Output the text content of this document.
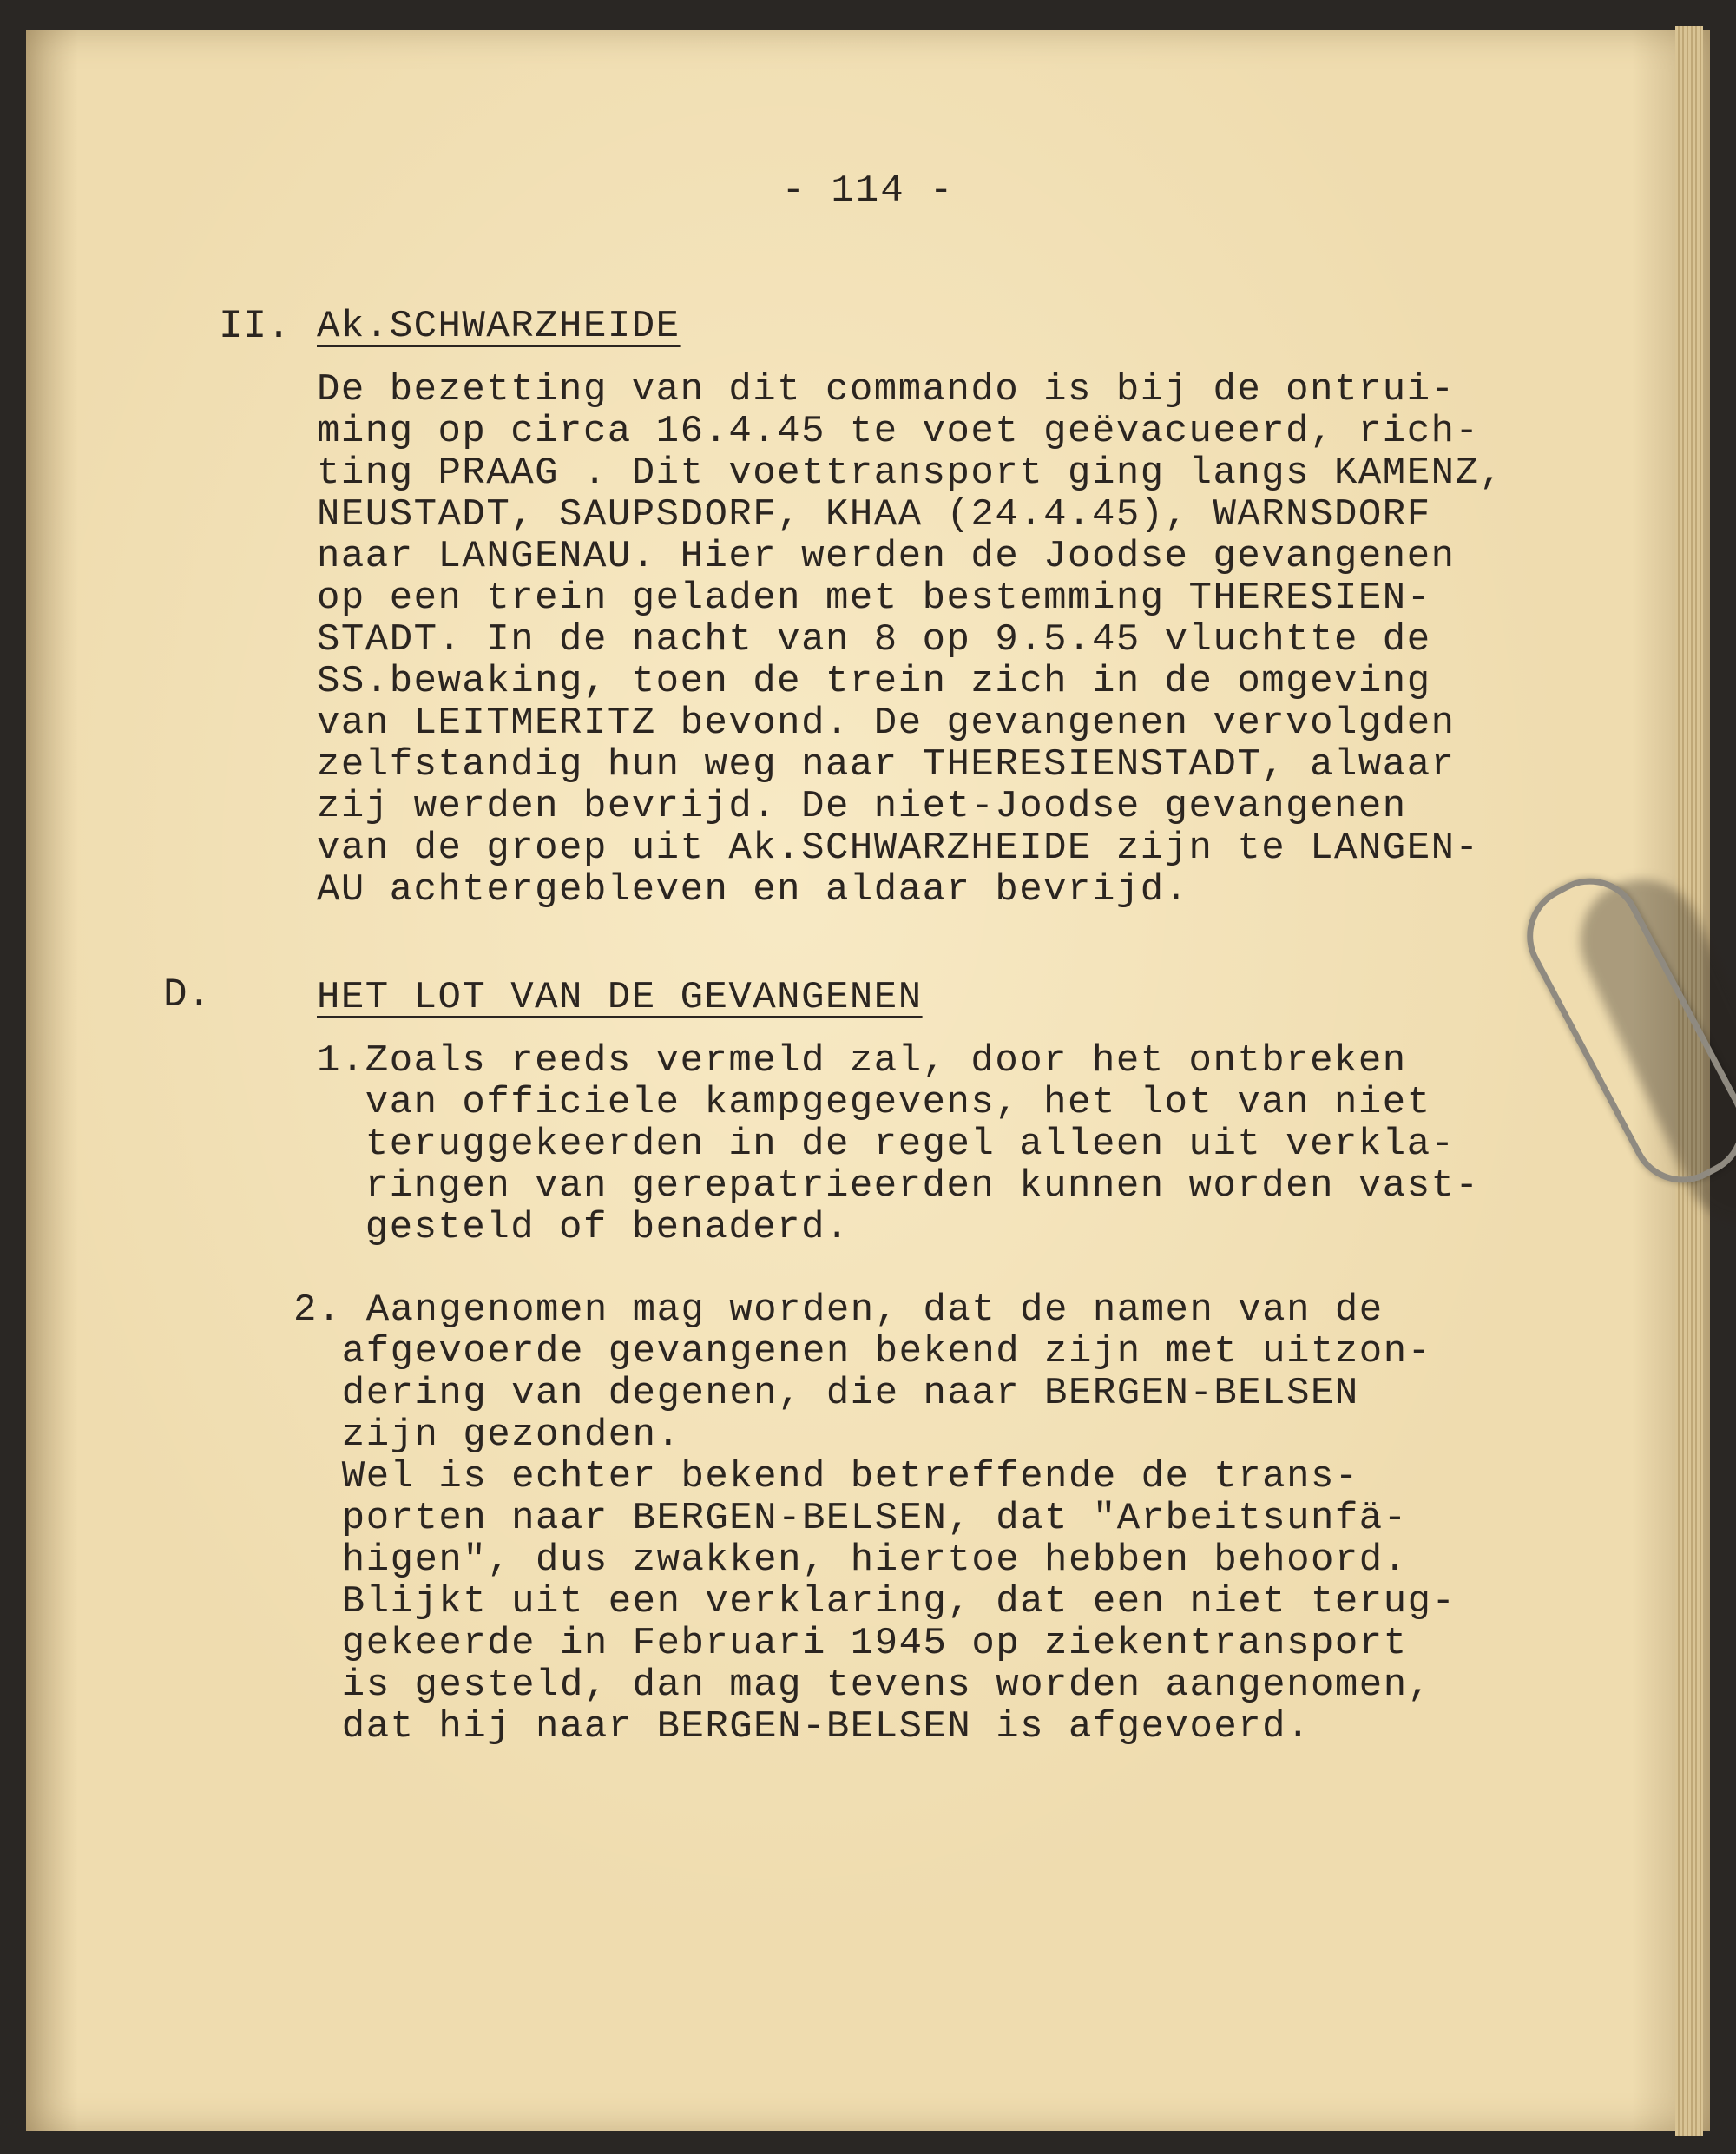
- 114 -
II. Ak.SCHWARZHEIDE
De bezetting van dit commando is bij de ontrui-
ming op circa 16.4.45 te voet geëvacueerd, rich-
ting PRAAG . Dit voettransport ging langs KAMENZ,
NEUSTADT, SAUPSDORF, KHAA (24.4.45), WARNSDORF
naar LANGENAU. Hier werden de Joodse gevangenen
op een trein geladen met bestemming THERESIEN-
STADT. In de nacht van 8 op 9.5.45 vluchtte de
SS.bewaking, toen de trein zich in de omgeving
van LEITMERITZ bevond. De gevangenen vervolgden
zelfstandig hun weg naar THERESIENSTADT, alwaar
zij werden bevrijd. De niet-Joodse gevangenen
van de groep uit Ak.SCHWARZHEIDE zijn te LANGEN-
AU achtergebleven en aldaar bevrijd.
D.	HET LOT VAN DE GEVANGENEN
1.Zoals reeds vermeld zal, door het ontbreken
van officiele kampgegevens, het lot van niet
teruggekeerden in de regel alleen uit verkla-
ringen van gerepatrieerden kunnen worden vast-
gesteld of benaderd.
2. Aangenomen mag worden, dat de namen van de
afgevoerde gevangenen bekend zijn met uitzon-
dering van degenen, die naar BERGEN-BELSEN
zijn gezonden.
Wel is echter bekend betreffende de trans-
porten naar BERGEN-BELSEN, dat "Arbeitsunfä-
higen", dus zwakken, hiertoe hebben behoord.
Blijkt uit een verklaring, dat een niet terug-
gekeerde in Februari 1945 op ziekentransport
is gesteld, dan mag tevens worden aangenomen,
dat hij naar BERGEN-BELSEN is afgevoerd.
